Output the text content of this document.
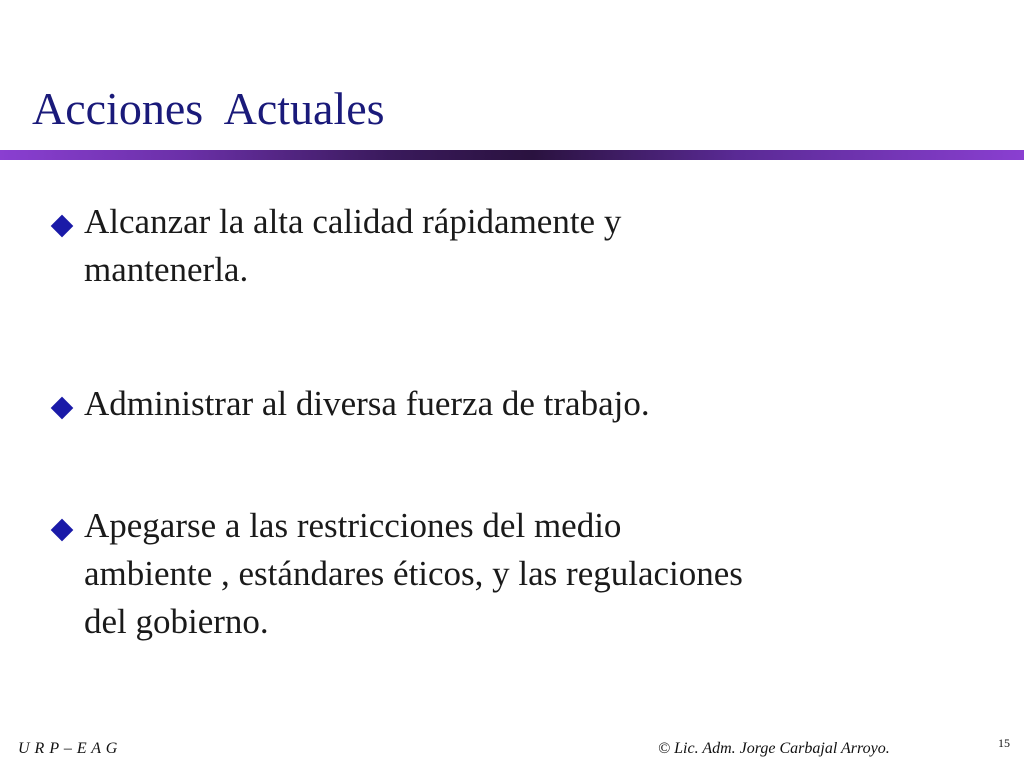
Acciones  Actuales
Alcanzar la alta calidad rápidamente y
mantenerla.
Administrar al diversa fuerza de trabajo.
Apegarse a las restricciones del medio
ambiente , estándares éticos, y las regulaciones
del gobierno.
U R P – E A G	© Lic. Adm. Jorge Carbajal Arroyo.	15
